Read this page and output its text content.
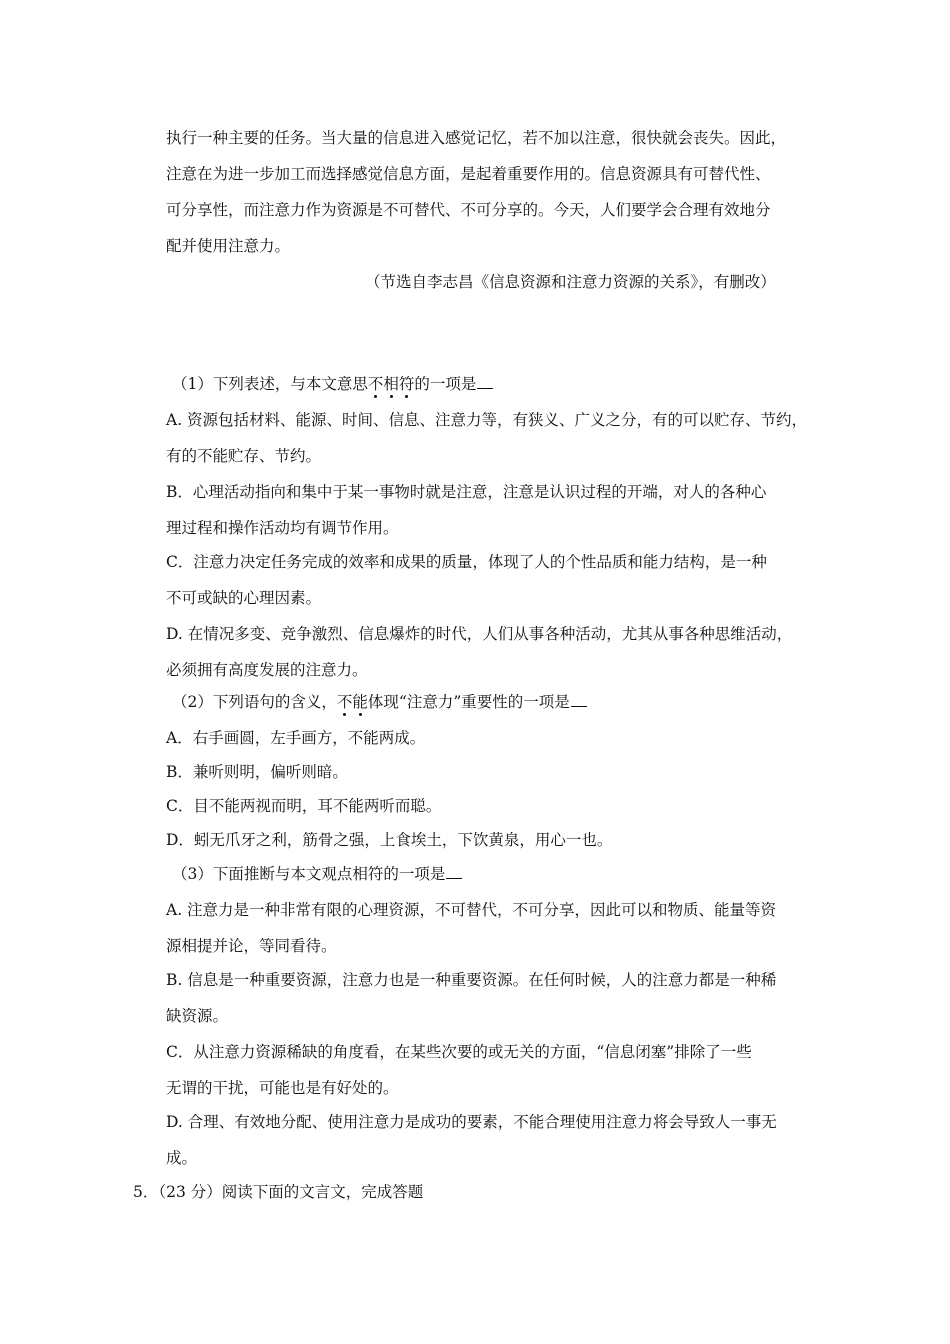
执行一种主要的任务。当大量的信息进入感觉记忆，若不加以注意，很快就会丧失。因此，
注意在为进一步加工而选择感觉信息方面，是起着重要作用的。信息资源具有可替代性、
可分享性，而注意力作为资源是不可替代、不可分享的。今天，人们要学会合理有效地分
配并使用注意力。
（节选自李志昌《信息资源和注意力资源的关系》，有删改）
（1）下列表述，与本文意思不相符的一项是
A. 资源包括材料、能源、时间、信息、注意力等，有狭义、广义之分，有的可以贮存、节约，
有的不能贮存、节约。
B．心理活动指向和集中于某一事物时就是注意，注意是认识过程的开端，对人的各种心
理过程和操作活动均有调节作用。
C．注意力决定任务完成的效率和成果的质量，体现了人的个性品质和能力结构，是一种
不可或缺的心理因素。
D. 在情况多变、竞争激烈、信息爆炸的时代，人们从事各种活动，尤其从事各种思维活动，
必须拥有高度发展的注意力。
（2）下列语句的含义，不能体现“注意力”重要性的一项是
A．右手画圆，左手画方，不能两成。
B．兼听则明，偏听则暗。
C．目不能两视而明，耳不能两听而聪。
D．蚓无爪牙之利，筋骨之强，上食埃土，下饮黄泉，用心一也。
（3）下面推断与本文观点相符的一项是
A. 注意力是一种非常有限的心理资源，不可替代，不可分享，因此可以和物质、能量等资
源相提并论，等同看待。
B. 信息是一种重要资源，注意力也是一种重要资源。在任何时候，人的注意力都是一种稀
缺资源。
C．从注意力资源稀缺的角度看，在某些次要的或无关的方面，“信息闭塞”排除了一些
无谓的干扰，可能也是有好处的。
D. 合理、有效地分配、使用注意力是成功的要素，不能合理使用注意力将会导致人一事无
成。
5．（23 分）阅读下面的文言文，完成答题
